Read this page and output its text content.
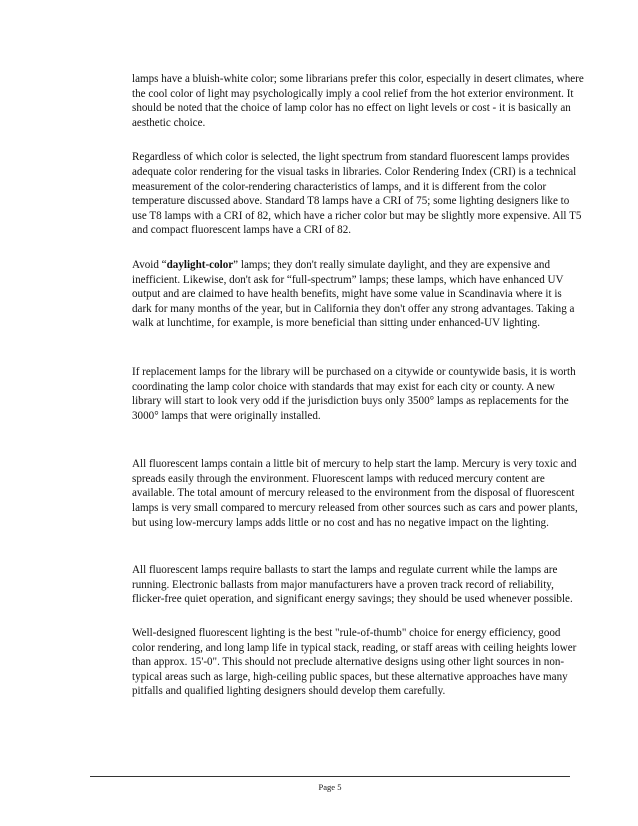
lamps have a bluish-white color; some librarians prefer this color, especially in desert climates, where the cool color of light may psychologically imply a cool relief from the hot exterior environment. It should be noted that the choice of lamp color has no effect on light levels or cost - it is basically an aesthetic choice.

Regardless of which color is selected, the light spectrum from standard fluorescent lamps provides adequate color rendering for the visual tasks in libraries. Color Rendering Index (CRI) is a technical measurement of the color-rendering characteristics of lamps, and it is different from the color temperature discussed above. Standard T8 lamps have a CRI of 75; some lighting designers like to use T8 lamps with a CRI of 82, which have a richer color but may be slightly more expensive. All T5 and compact fluorescent lamps have a CRI of 82.

Avoid “daylight-color” lamps; they don't really simulate daylight, and they are expensive and inefficient. Likewise, don't ask for “full-spectrum” lamps; these lamps, which have enhanced UV output and are claimed to have health benefits, might have some value in Scandinavia where it is dark for many months of the year, but in California they don't offer any strong advantages. Taking a walk at lunchtime, for example, is more beneficial than sitting under enhanced-UV lighting.

If replacement lamps for the library will be purchased on a citywide or countywide basis, it is worth coordinating the lamp color choice with standards that may exist for each city or county. A new library will start to look very odd if the jurisdiction buys only 3500° lamps as replacements for the 3000° lamps that were originally installed.

All fluorescent lamps contain a little bit of mercury to help start the lamp. Mercury is very toxic and spreads easily through the environment. Fluorescent lamps with reduced mercury content are available. The total amount of mercury released to the environment from the disposal of fluorescent lamps is very small compared to mercury released from other sources such as cars and power plants, but using low-mercury lamps adds little or no cost and has no negative impact on the lighting.

All fluorescent lamps require ballasts to start the lamps and regulate current while the lamps are running. Electronic ballasts from major manufacturers have a proven track record of reliability, flicker-free quiet operation, and significant energy savings; they should be used whenever possible.

Well-designed fluorescent lighting is the best "rule-of-thumb" choice for energy efficiency, good color rendering, and long lamp life in typical stack, reading, or staff areas with ceiling heights lower than approx. 15'-0". This should not preclude alternative designs using other light sources in non-typical areas such as large, high-ceiling public spaces, but these alternative approaches have many pitfalls and qualified lighting designers should develop them carefully.

Page 5
